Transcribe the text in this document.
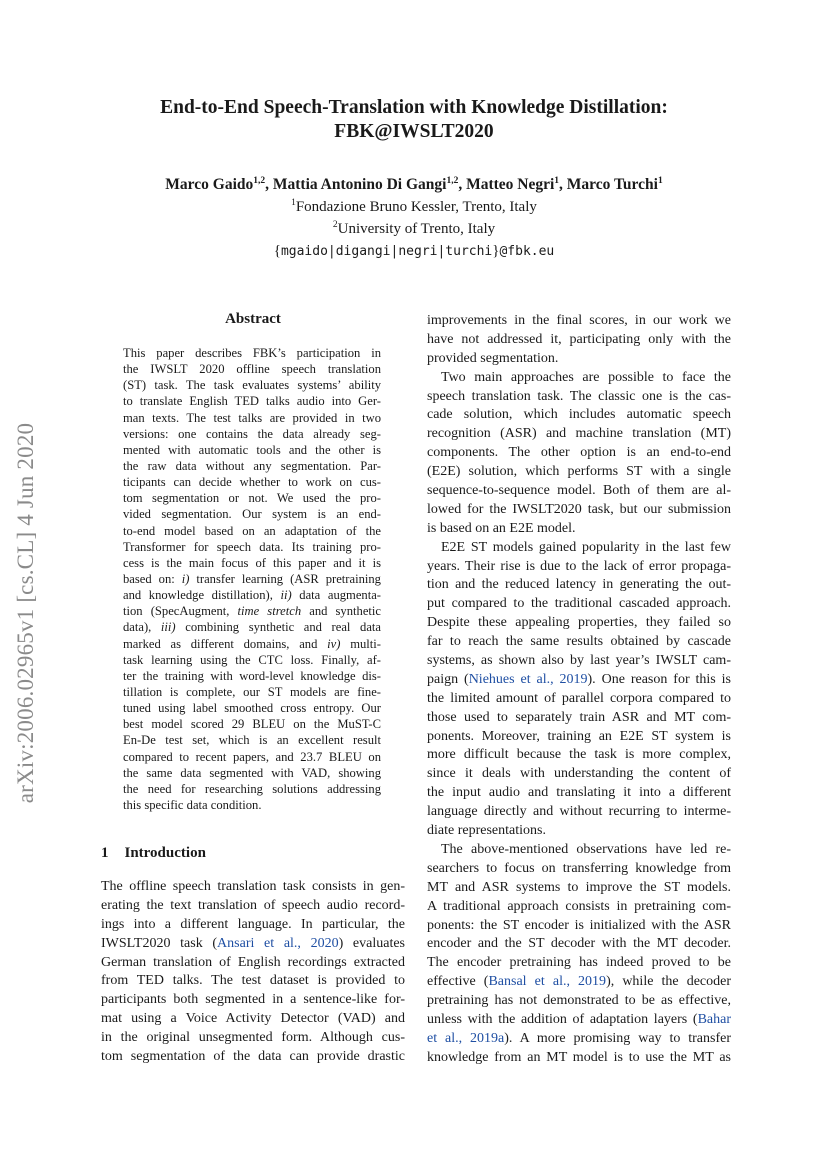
End-to-End Speech-Translation with Knowledge Distillation:
FBK@IWSLT2020
Marco Gaido$^{1,2}$, Mattia Antonino Di Gangi$^{1,2}$, Matteo Negri$^1$, Marco Turchi$^1$
$^1$Fondazione Bruno Kessler, Trento, Italy
$^2$University of Trento, Italy
{mgaido|digangi|negri|turchi}@fbk.eu
arXiv:2006.02965v1 [cs.CL] 4 Jun 2020
Abstract
This paper describes FBK’s participation in
the IWSLT 2020 offline speech translation
(ST) task. The task evaluates systems’ ability
to translate English TED talks audio into Ger-
man texts. The test talks are provided in two
versions: one contains the data already seg-
mented with automatic tools and the other is
the raw data without any segmentation. Par-
ticipants can decide whether to work on cus-
tom segmentation or not. We used the pro-
vided segmentation. Our system is an end-
to-end model based on an adaptation of the
Transformer for speech data. Its training pro-
cess is the main focus of this paper and it is
based on: i) transfer learning (ASR pretraining
and knowledge distillation), ii) data augmenta-
tion (SpecAugment, time stretch and synthetic
data), iii) combining synthetic and real data
marked as different domains, and iv) multi-
task learning using the CTC loss. Finally, af-
ter the training with word-level knowledge dis-
tillation is complete, our ST models are fine-
tuned using label smoothed cross entropy. Our
best model scored 29 BLEU on the MuST-C
En-De test set, which is an excellent result
compared to recent papers, and 23.7 BLEU on
the same data segmented with VAD, showing
the need for researching solutions addressing
this specific data condition.
1 Introduction
The offline speech translation task consists in gen-
erating the text translation of speech audio record-
ings into a different language. In particular, the
IWSLT2020 task (Ansari et al., 2020) evaluates
German translation of English recordings extracted
from TED talks. The test dataset is provided to
participants both segmented in a sentence-like for-
mat using a Voice Activity Detector (VAD) and
in the original unsegmented form. Although cus-
tom segmentation of the data can provide drastic
improvements in the final scores, in our work we
have not addressed it, participating only with the
provided segmentation.
Two main approaches are possible to face the
speech translation task. The classic one is the cas-
cade solution, which includes automatic speech
recognition (ASR) and machine translation (MT)
components. The other option is an end-to-end
(E2E) solution, which performs ST with a single
sequence-to-sequence model. Both of them are al-
lowed for the IWSLT2020 task, but our submission
is based on an E2E model.
E2E ST models gained popularity in the last few
years. Their rise is due to the lack of error propaga-
tion and the reduced latency in generating the out-
put compared to the traditional cascaded approach.
Despite these appealing properties, they failed so
far to reach the same results obtained by cascade
systems, as shown also by last year’s IWSLT cam-
paign (Niehues et al., 2019). One reason for this is
the limited amount of parallel corpora compared to
those used to separately train ASR and MT com-
ponents. Moreover, training an E2E ST system is
more difficult because the task is more complex,
since it deals with understanding the content of
the input audio and translating it into a different
language directly and without recurring to interme-
diate representations.
The above-mentioned observations have led re-
searchers to focus on transferring knowledge from
MT and ASR systems to improve the ST models.
A traditional approach consists in pretraining com-
ponents: the ST encoder is initialized with the ASR
encoder and the ST decoder with the MT decoder.
The encoder pretraining has indeed proved to be
effective (Bansal et al., 2019), while the decoder
pretraining has not demonstrated to be as effective,
unless with the addition of adaptation layers (Bahar
et al., 2019a). A more promising way to transfer
knowledge from an MT model is to use the MT as
